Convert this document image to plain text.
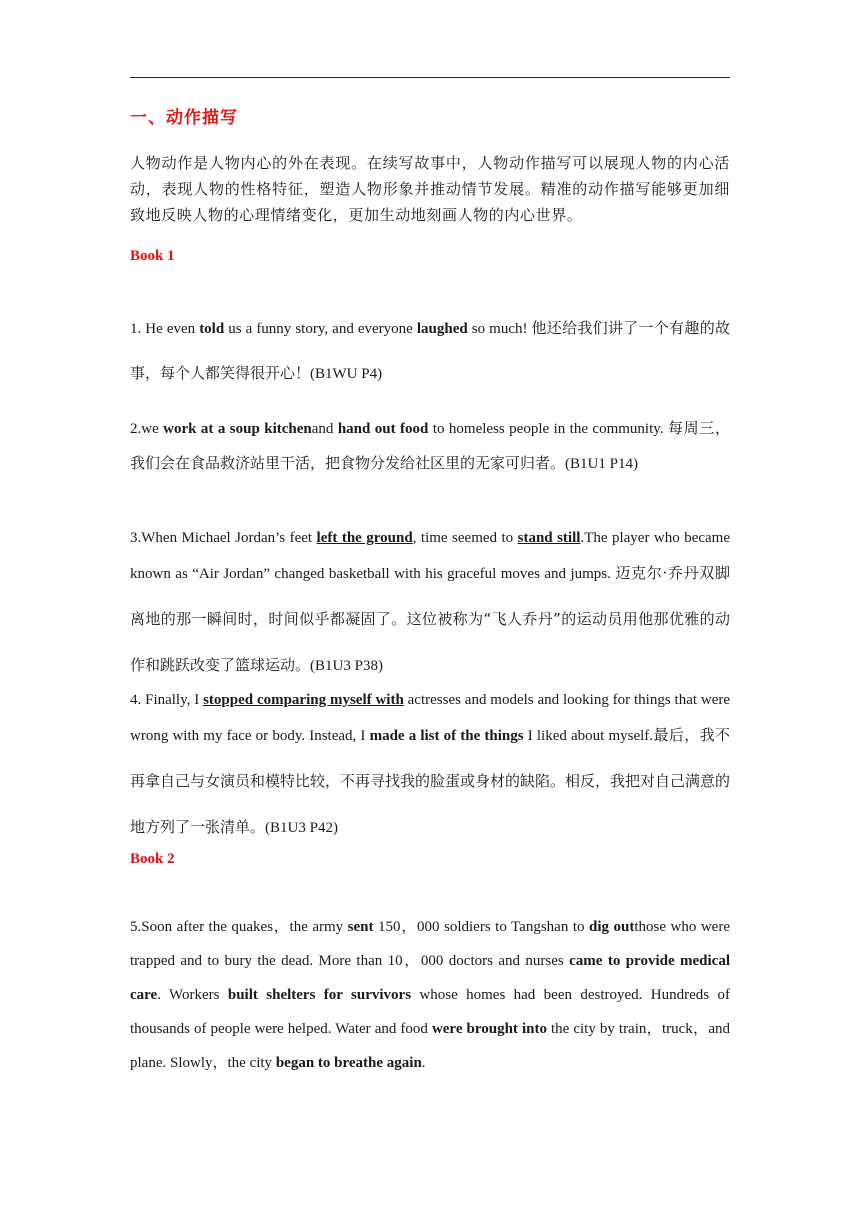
一、动作描写
人物动作是人物内心的外在表现。在续写故事中，人物动作描写可以展现人物的内心活动，表现人物的性格特征，塑造人物形象并推动情节发展。精准的动作描写能够更加细致地反映人物的心理情绪变化，更加生动地刻画人物的内心世界。
Book 1
1. He even told us a funny story, and everyone laughed so much! 他还给我们讲了一个有趣的故事，每个人都笑得很开心！(B1WU P4)
2.we work at a soup kitchenand hand out food to homeless people in the community. 每周三，我们会在食品救济站里干活，把食物分发给社区里的无家可归者。(B1U1 P14)
3.When Michael Jordan’s feet left the ground, time seemed to stand still.The player who became known as “Air Jordan” changed basketball with his graceful moves and jumps. 迈克尔·乔丹双脚离地的那一瞬间时，时间似乎都凝固了。这位被称为“飞人乔丹”的运动员用他那优雅的动作和跳跃改变了篮球运动。(B1U3 P38)
4. Finally, I stopped comparing myself with actresses and models and looking for things that were wrong with my face or body. Instead, I made a list of the things I liked about myself.最后，我不再拿自己与女演员和模特比较，不再寻找我的脸蛋或身材的缺陷。相反，我把对自己满意的地方列了一张清单。(B1U3 P42)
Book 2
5.Soon after the quakes，the army sent 150，000 soldiers to Tangshan to dig outthose who were trapped and to bury the dead. More than 10，000 doctors and nurses came to provide medical care. Workers built shelters for survivors whose homes had been destroyed. Hundreds of thousands of people were helped. Water and food were brought into the city by train，truck，and plane. Slowly，the city began to breathe again.
